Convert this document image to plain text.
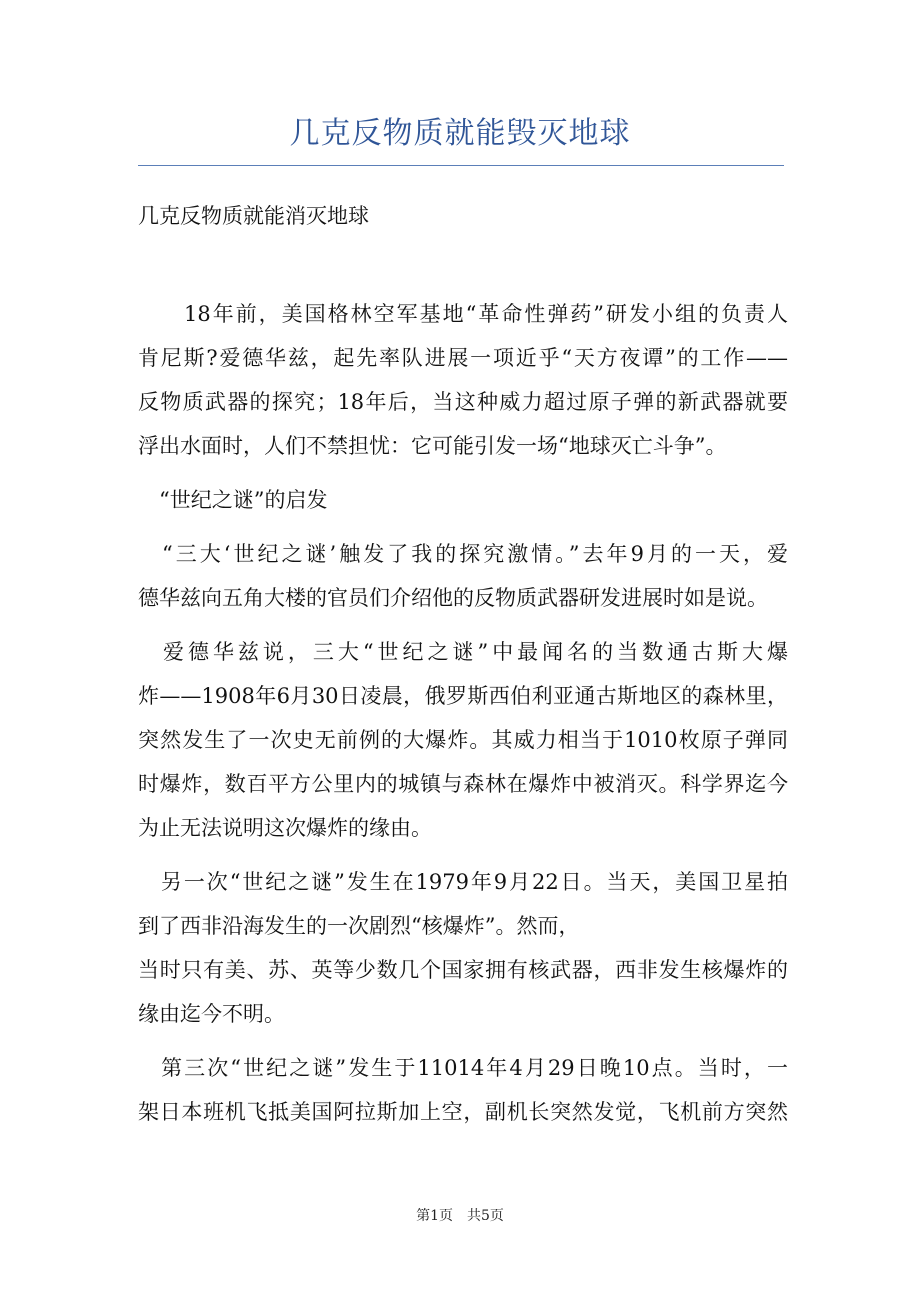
几克反物质就能毁灭地球
几克反物质就能消灭地球
　　18年前，美国格林空军基地“革命性弹药”研发小组的负责人
肯尼斯?爱德华兹，起先率队进展一项近乎“天方夜谭”的工作——
反物质武器的探究；18年后，当这种威力超过原子弹的新武器就要
浮出水面时，人们不禁担忧：它可能引发一场“地球灭亡斗争”。
　“世纪之谜”的启发
　“三大‘世纪之谜’触发了我的探究激情。”去年9月的一天，爱
德华兹向五角大楼的官员们介绍他的反物质武器研发进展时如是说。
　爱德华兹说，三大“世纪之谜”中最闻名的当数通古斯大爆
炸——1908年6月30日凌晨，俄罗斯西伯利亚通古斯地区的森林里，
突然发生了一次史无前例的大爆炸。其威力相当于1010枚原子弹同
时爆炸，数百平方公里内的城镇与森林在爆炸中被消灭。科学界迄今
为止无法说明这次爆炸的缘由。
　另一次“世纪之谜”发生在1979年9月22日。当天，美国卫星拍
到了西非沿海发生的一次剧烈“核爆炸”。然而，
当时只有美、苏、英等少数几个国家拥有核武器，西非发生核爆炸的
缘由迄今不明。
　第三次“世纪之谜”发生于11014年4月29日晚10点。当时，一
架日本班机飞抵美国阿拉斯加上空，副机长突然发觉，飞机前方突然
第1页　共5页
